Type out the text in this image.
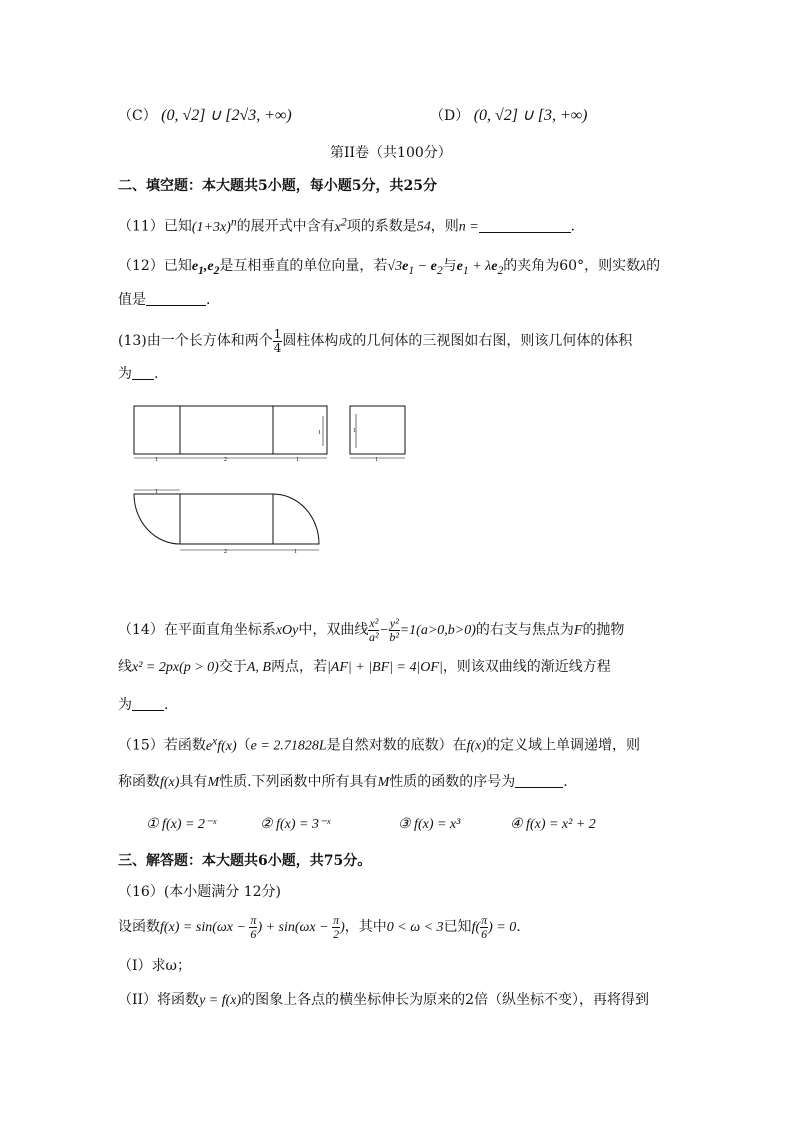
（C） (0, √2] ∪ [2√3, +∞)	（D） (0, √2] ∪ [3, +∞)
第II卷（共100分）
二、填空题：本大题共5小题，每小题5分，共25分
（11）已知$(1+3x)^n$的展开式中含有$x^2$项的系数是54，则n =	.
（12）已知$e_1,e_2$是互相垂直的单位向量，若$√3e_1 - e_2$与$e_1 + \lambda e_2$的夹角为60°，则实数λ的
值是	.
(13)由一个长方体和两个 $\frac{1}{4}$ 圆柱体构成的几何体的三视图如右图，则该几何体的体积
为 .
1	2	1
1	1
1
1
2	1
（14）在平面直角坐标系xOy中，双曲线 $\frac{\text{x²}}{\text{a²}} - \frac{\text{y²}}{\text{b²}} =1(a>0,b>0)$的右支与焦点为F的抛物
线x² = 2px(p > 0)交于A, B两点，若|AF| + |BF| = 4|OF|，则该双曲线的渐近线方程
为 .
（15）若函数$e^xf(x)(e = 2.71828L$是自然对数的底数）在f(x)的定义域上单调递增，则
称函数f(x)具有M性质.下列函数中所有具有M性质的函数的序号为	.
① f(x) = 2⁻ˣ	② f(x) = 3⁻ˣ	③ f(x) = x³	④ f(x) = x² + 2
三、解答题：本大题共6小题，共75分。
（16）(本小题满分 12分)
设函数$f(x) = \sin(\omega x - \frac{\pi}{6}$ ) + $\sin(\omega x - \frac{\pi}{2}$ )，其中0 < ω < 3已知$f( \frac{\pi}{6}$ ) = 0.
（I）求ω；
（II）将函数y = f(x)的图象上各点的横坐标伸长为原来的2倍（纵坐标不变），再将得到
